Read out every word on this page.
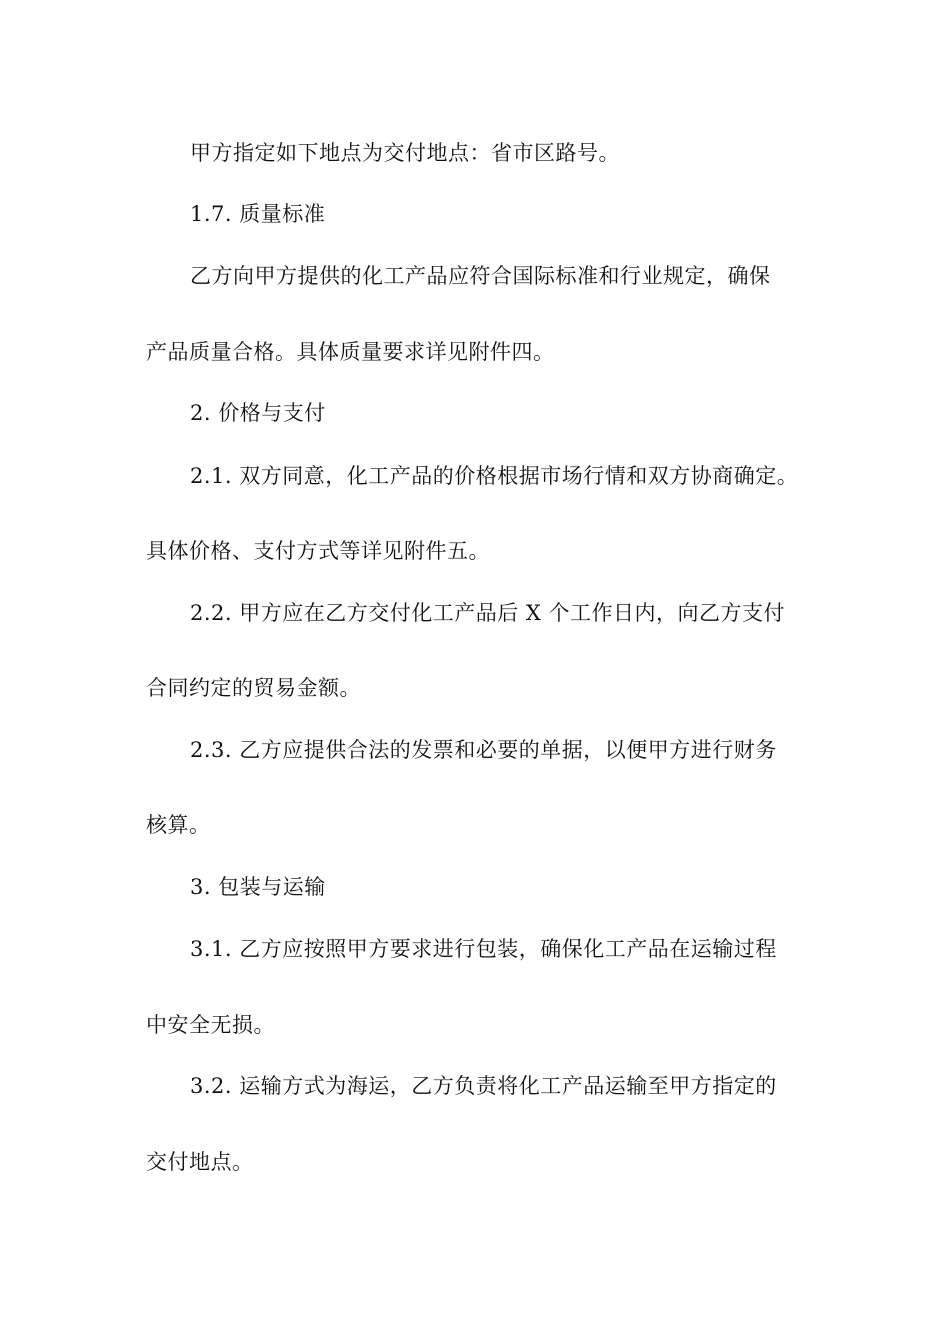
甲方指定如下地点为交付地点：省市区路号。
1.7. 质量标准
乙方向甲方提供的化工产品应符合国际标准和行业规定，确保
产品质量合格。具体质量要求详见附件四。
2. 价格与支付
2.1. 双方同意，化工产品的价格根据市场行情和双方协商确定。
具体价格、支付方式等详见附件五。
2.2. 甲方应在乙方交付化工产品后 X 个工作日内，向乙方支付
合同约定的贸易金额。
2.3. 乙方应提供合法的发票和必要的单据，以便甲方进行财务
核算。
3. 包装与运输
3.1. 乙方应按照甲方要求进行包装，确保化工产品在运输过程
中安全无损。
3.2. 运输方式为海运，乙方负责将化工产品运输至甲方指定的
交付地点。
